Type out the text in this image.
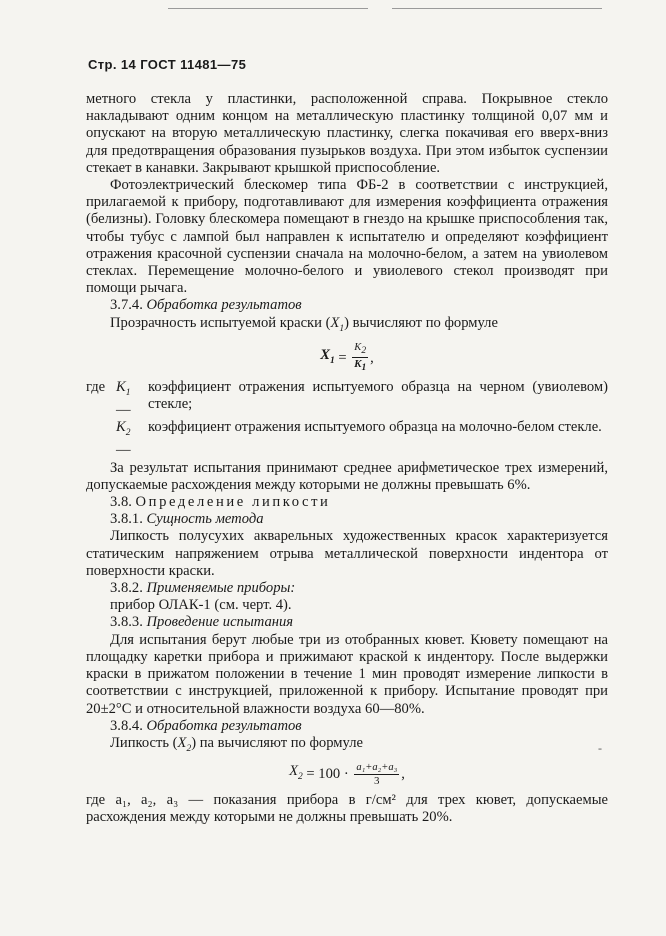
Стр. 14 ГОСТ 11481—75

метного стекла у пластинки, расположенной справа. Покрывное стекло накладывают одним концом на металлическую пластинку толщиной 0,07 мм и опускают на вторую металлическую пластинку, слегка покачивая его вверх-вниз для предотвращения образования пузырьков воздуха. При этом избыток суспензии стекает в канавки. Закрывают крышкой приспособление.

Фотоэлектрический блескомер типа ФБ-2 в соответствии с инструкцией, прилагаемой к прибору, подготавливают для измерения коэффициента отражения (белизны). Головку блескомера помещают в гнездо на крышке приспособления так, чтобы тубус с лампой был направлен к испытателю и определяют коэффициент отражения красочной суспензии сначала на молочно-белом, а затем на увиолевом стеклах. Перемещение молочно-белого и увиолевого стекол производят при помощи рычага.

3.7.4. Обработка результатов

Прозрачность испытуемой краски $(X_1)$ вычисляют по формуле

$X_1 = \frac{K_2}{K_1}$ ,
где $K_1$ —
коэффициент отражения испытуемого образца на черном (увиолевом) стекле;
$K_2$ —
коэффициент отражения испытуемого образца на молочно-белом стекле.

За результат испытания принимают среднее арифметическое трех измерений, допускаемые расхождения между которыми не должны превышать 6%.

3.8. Определение липкости

3.8.1. Сущность метода

Липкость полусухих акварельных художественных красок характеризуется статическим напряжением отрыва металлической поверхности индентора от поверхности краски.

3.8.2. Применяемые приборы:

прибор ОЛАК-1 (см. черт. 4).

3.8.3. Проведение испытания

Для испытания берут любые три из отобранных кювет. Кювету помещают на площадку каретки прибора и прижимают краской к индентору. После выдержки краски в прижатом положении в течение 1 мин проводят измерение липкости в соответствии с инструкцией, приложенной к прибору. Испытание проводят при 20±2°С и относительной влажности воздуха 60—80%.

3.8.4. Обработка результатов

Липкость $(X_2)$ па вычисляют по формуле

$X_2 = 100 \cdot \frac{\text{a₁+a₂+a₃}}{3}$ ,

где a₁, a₂, a₃ — показания прибора в г/см² для трех кювет, допускаемые расхождения между которыми не должны превышать 20%.

-
